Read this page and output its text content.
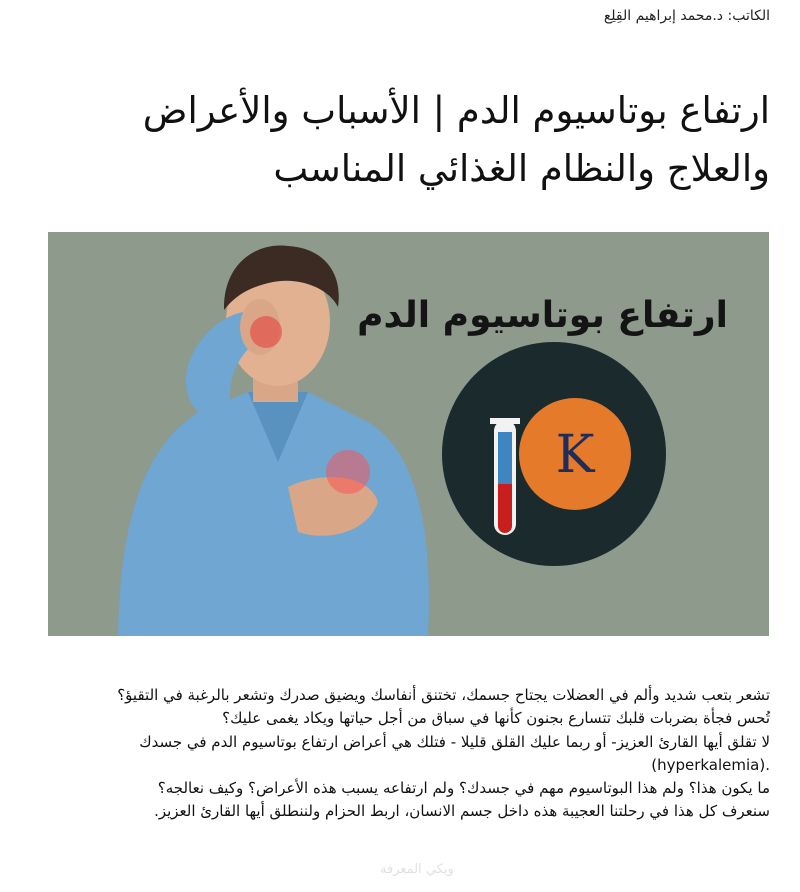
الكاتب: د.محمد إبراهيم القِلِع
ارتفاع بوتاسيوم الدم | الأسباب والأعراض والعلاج والنظام الغذائي المناسب
ارتفاع بوتاسيوم الدم
K

تشعر بتعب شديد وألم في العضلات يجتاح جسمك، تختنق أنفاسك ويضيق صدرك وتشعر بالرغبة في التقيؤ؟

تُحس فجأة بضربات قلبك تتسارع بجنون كأنها في سباق من أجل حياتها ويكاد يغمى عليك؟

لا تقلق أيها القارئ العزيز- أو ربما عليك القلق قليلا - فتلك هي أعراض ارتفاع بوتاسيوم الدم في جسدك (hyperkalemia).

ما يكون هذا؟ ولم هذا البوتاسيوم مهم في جسدك؟ ولم ارتفاعه يسبب هذه الأعراض؟ وكيف نعالجه؟

سنعرف كل هذا في رحلتنا العجيبة هذه داخل جسم الانسان، اربط الحزام ولننطلق أيها القارئ العزيز.

ويكي المعرفة
